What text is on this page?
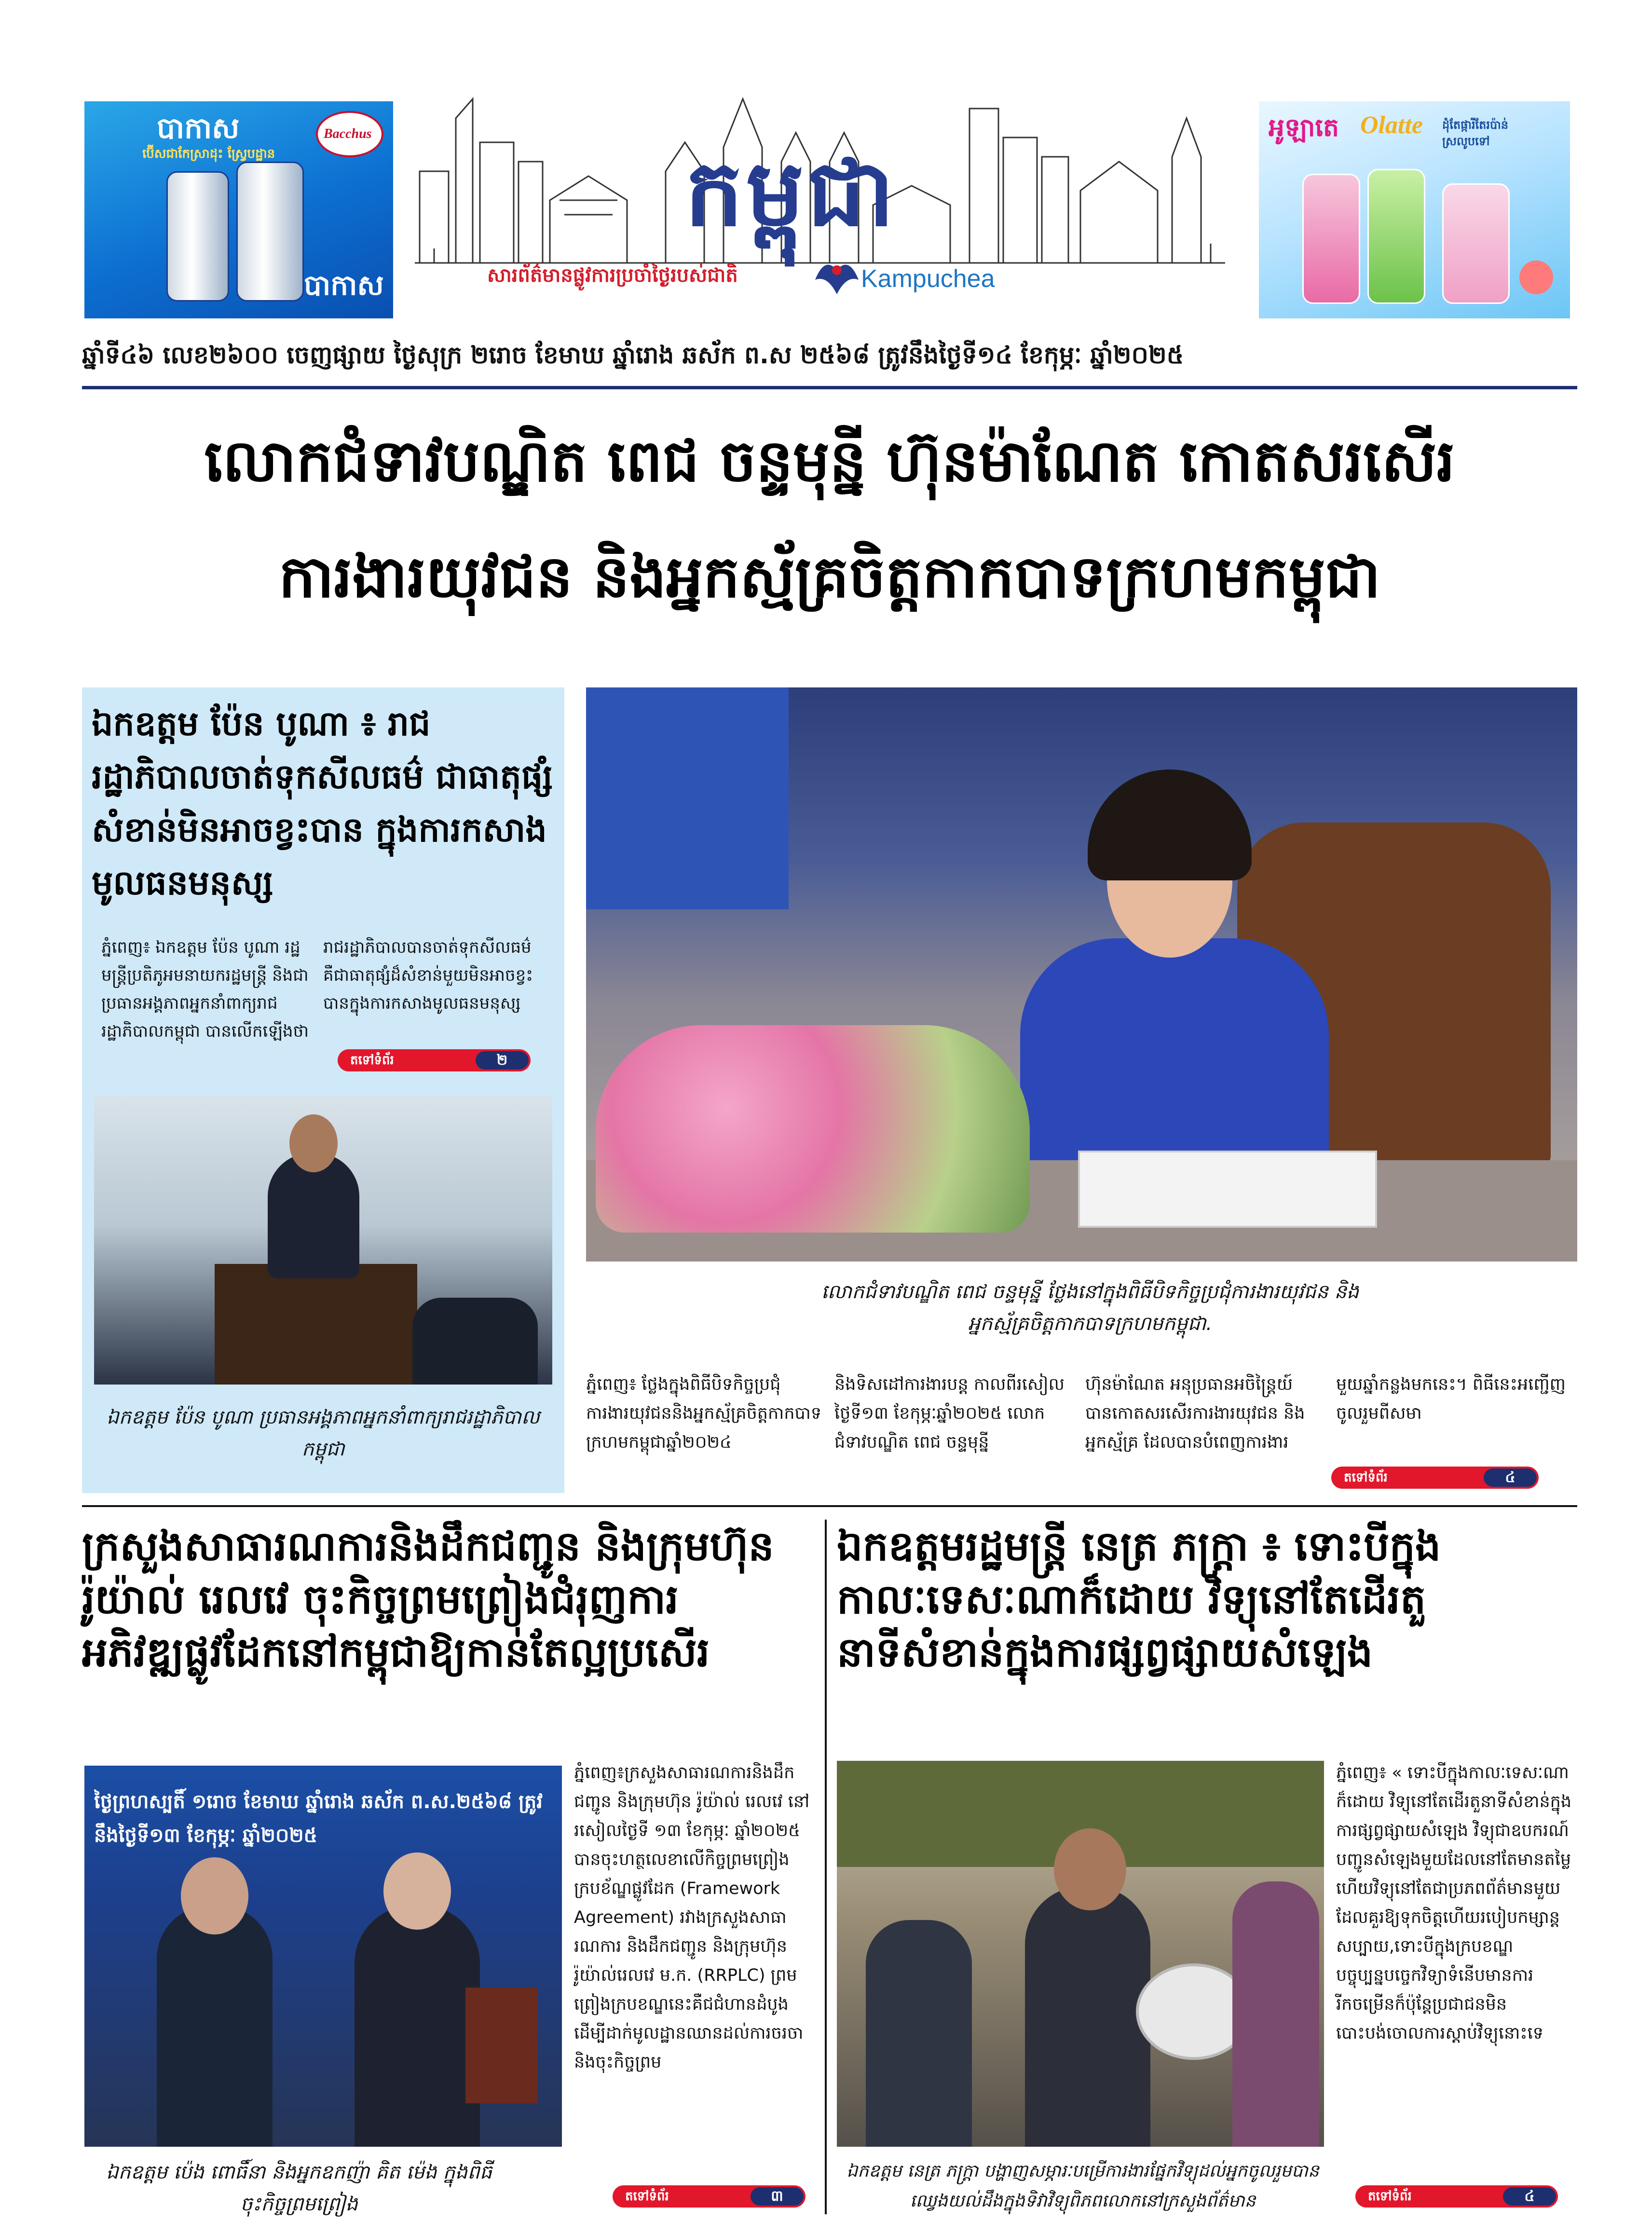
បាកាស
ប៊ើសជាកែស្រាដុះ ស្រ្វែបដ្ឋាន
Bacchus
បាកាស
កម្ពុជា
សារព័ត៌មានផ្លូវការប្រចាំថ្ងៃរបស់ជាតិ	Kampuchea
អូឡាតេ Olatte ដុំតែផ្ការីតែរប៉ាន់ ស្រលូបទៅ
ឆ្នាំទី៤៦ លេខ២៦០០ ចេញផ្សាយ ថ្ងៃសុក្រ ២រោច ខែមាឃ ឆ្នាំរោង ឆស័ក ព.ស ២៥៦៨ ត្រូវនឹងថ្ងៃទី១៤ ខែកុម្ភៈ ឆ្នាំ២០២៥
លោកជំទាវបណ្ឌិត ពេជ ចន្ទមុន្នី ហ៊ុនម៉ាណែត កោតសរសើរ
ការងារយុវជន និងអ្នកស្ម័គ្រចិត្តកាកបាទក្រហមកម្ពុជា
ឯកឧត្តម ប៉ែន បូណា ៖ រាជរដ្ឋាភិបាលចាត់ទុកសីលធម៌ ជាធាតុផ្សំសំខាន់មិនអាចខ្វះបាន ក្នុងការកសាងមូលធនមនុស្ស
ភ្នំពេញ៖ ឯកឧត្តម ប៉ែន បូណា រដ្ឋមន្ត្រីប្រតិភូអមនាយករដ្ឋមន្ត្រី និងជាប្រធានអង្គភាពអ្នកនាំពាក្យរាជរដ្ឋាភិបាលកម្ពុជា បានលើកឡើងថា
រាជរដ្ឋាភិបាលបានចាត់ទុកសីលធម៌ គឺជាធាតុផ្សំដ៏សំខាន់មួយមិនអាចខ្វះបានក្នុងការកសាងមូលធនមនុស្ស
តទៅទំព័រ	២
ឯកឧត្តម ប៉ែន បូណា ប្រធានអង្គភាពអ្នកនាំពាក្យរាជរដ្ឋាភិបាលកម្ពុជា
លោកជំទាវបណ្ឌិត ពេជ ចន្ទមុន្នី ថ្លែងនៅក្នុងពិធីបិទកិច្ចប្រជុំការងារយុវជន និងអ្នកស្ម័គ្រចិត្តកាកបាទក្រហមកម្ពុជា.
ភ្នំពេញ៖ ថ្លែងក្នុងពិធីបិទកិច្ចប្រជុំការងារយុវជននិងអ្នកស្ម័គ្រចិត្តកាកបាទក្រហមកម្ពុជាឆ្នាំ២០២៤
និងទិសដៅការងារបន្ត កាលពីរសៀលថ្ងៃទី១៣ ខែកុម្ភៈឆ្នាំ២០២៥ លោកជំទាវបណ្ឌិត ពេជ ចន្ទមុន្នី
ហ៊ុនម៉ាណែត អនុប្រធានអចិន្ត្រៃយ៍ បានកោតសរសើរការងារយុវជន និងអ្នកស្ម័គ្រ ដែលបានបំពេញការងារ
មួយឆ្នាំកន្លងមកនេះ។ ពិធីនេះអញ្ជើញចូលរួមពីសមា
តទៅទំព័រ	៤
ក្រសួងសាធារណការនិងដឹកជញ្ជូន និងក្រុមហ៊ុន
រ៉ូយ៉ាល់ រេលវេ ចុះកិច្ចព្រមព្រៀងជំរុញការ
អភិវឌ្ឍផ្លូវដែកនៅកម្ពុជាឱ្យកាន់តែល្អប្រសើរ
ថ្ងៃព្រហស្បតិ៍ ១រោច ខែមាឃ ឆ្នាំរោង ឆស័ក ព.ស.២៥៦៨ ត្រូវនឹងថ្ងៃទី១៣ ខែកុម្ភៈ ឆ្នាំ២០២៥
ឯកឧត្តម ប៉េង ពោធិ៍នា និងអ្នកឧកញ៉ា គិត ម៉េង ក្នុងពិធីចុះកិច្ចព្រមព្រៀង
ភ្នំពេញ៖ក្រសួងសាធារណការនិងដឹកជញ្ជូន និងក្រុមហ៊ុន រ៉ូយ៉ាល់ រេលវេ នៅរសៀលថ្ងៃទី ១៣ ខែកុម្ភៈ ឆ្នាំ២០២៥ បានចុះហត្ថលេខាលើកិច្ចព្រមព្រៀងក្របខ័ណ្ឌផ្លូវដែក (Framework Agreement) រវាងក្រសួងសាធារណការ និងដឹកជញ្ជូន និងក្រុមហ៊ុន រ៉ូយ៉ាល់រេលវេ ម.ក. (RRPLC) ព្រមព្រៀងក្របខណ្ឌនេះគឺជជំហានដំបូងដើម្បីដាក់មូលដ្ឋានឈានដល់ការចរចា និងចុះកិច្ចព្រម
តទៅទំព័រ	៣
ឯកឧត្តមរដ្ឋមន្ត្រី នេត្រ ភក្ត្រា ៖ ទោះបីក្នុង
កាលៈទេសៈណាក៏ដោយ វិទ្យុនៅតែដើរតួ
នាទីសំខាន់ក្នុងការផ្សព្វផ្សាយសំឡេង
ឯកឧត្តម នេត្រ ភក្ត្រា បង្ហាញសម្ភារៈបម្រើការងារផ្នែកវិទ្យុដល់អ្នកចូលរួមបានឈ្វេងយល់ដឹងក្នុងទិវាវិទ្យុពិភពលោកនៅក្រសួងព័ត៌មាន
ភ្នំពេញ៖ « ទោះបីក្នុងកាលៈទេសៈណាក៏ដោយ វិទ្យុនៅតែដើរតួនាទីសំខាន់ក្នុងការផ្សព្វផ្សាយសំឡេង វិទ្យុជាឧបករណ៍បញ្ជូនសំឡេងមួយដែលនៅតែមានតម្លៃ ហើយវិទ្យុនៅតែជាប្រភពព័ត៌មានមួយដែលគួរឱ្យទុកចិត្តហើយរបៀបកម្សាន្តសប្បាយ,ទោះបីក្នុងក្របខណ្ឌបច្ចុប្បន្នបច្ចេកវិទ្យាទំនើបមានការរីកចម្រើនក៏ប៉ុន្តែប្រជាជនមិនបោះបង់ចោលការស្ដាប់វិទ្យុនោះទេ
តទៅទំព័រ	៤
